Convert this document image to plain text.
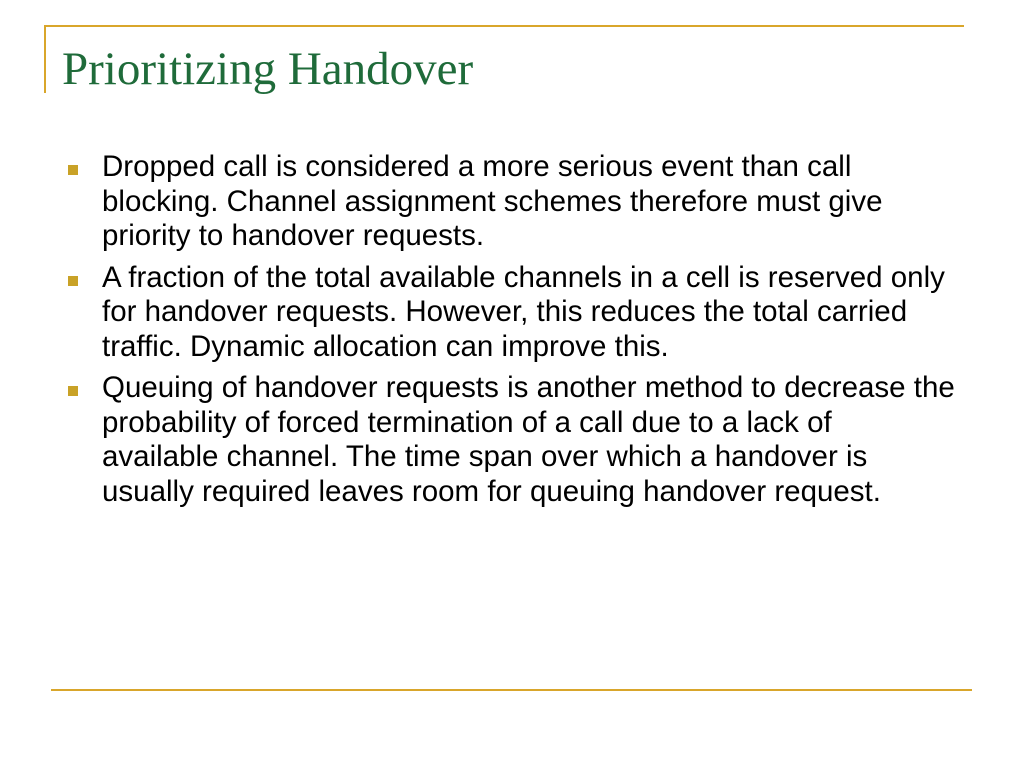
Prioritizing Handover
Dropped call is considered a more serious event than call blocking. Channel assignment schemes therefore must give priority to handover requests.
A fraction of the total available channels in a cell is reserved only for handover requests. However, this reduces the total carried traffic. Dynamic allocation can improve this.
Queuing of handover requests is another method to decrease the probability of forced termination of a call due to a lack of available channel. The time span over which a handover is usually required leaves room for queuing handover request.
